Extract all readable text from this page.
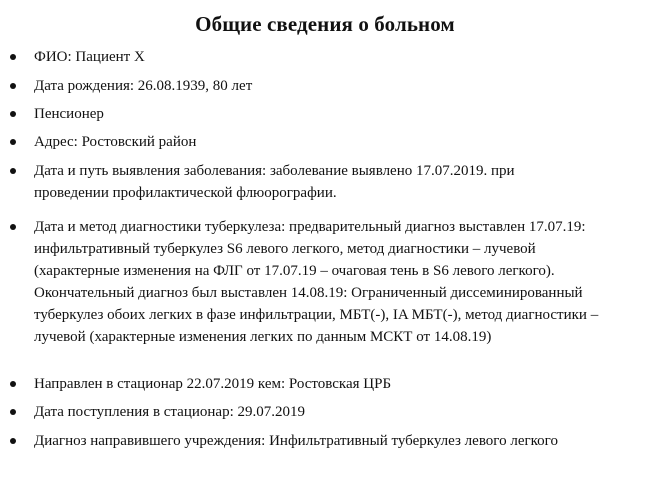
Общие сведения о больном
ФИО: Пациент Х
Дата рождения: 26.08.1939, 80 лет
Пенсионер
Адрес: Ростовский район
Дата и путь выявления заболевания: заболевание выявлено 17.07.2019. при
проведении профилактической флюорографии.
Дата и метод диагностики туберкулеза: предварительный диагноз выставлен 17.07.19:
инфильтративный туберкулез S6 левого легкого, метод диагностики – лучевой
(характерные изменения на ФЛГ от 17.07.19 – очаговая тень в S6 левого легкого).
Окончательный диагноз был выставлен 14.08.19: Ограниченный диссеминированный
туберкулез обоих легких в фазе инфильтрации, МБТ(-), IA МБТ(-), метод диагностики –
лучевой (характерные изменения легких по данным МСКТ от 14.08.19)
Направлен в стационар 22.07.2019 кем: Ростовская ЦРБ
Дата поступления в стационар: 29.07.2019
Диагноз направившего учреждения: Инфильтративный туберкулез левого легкого
